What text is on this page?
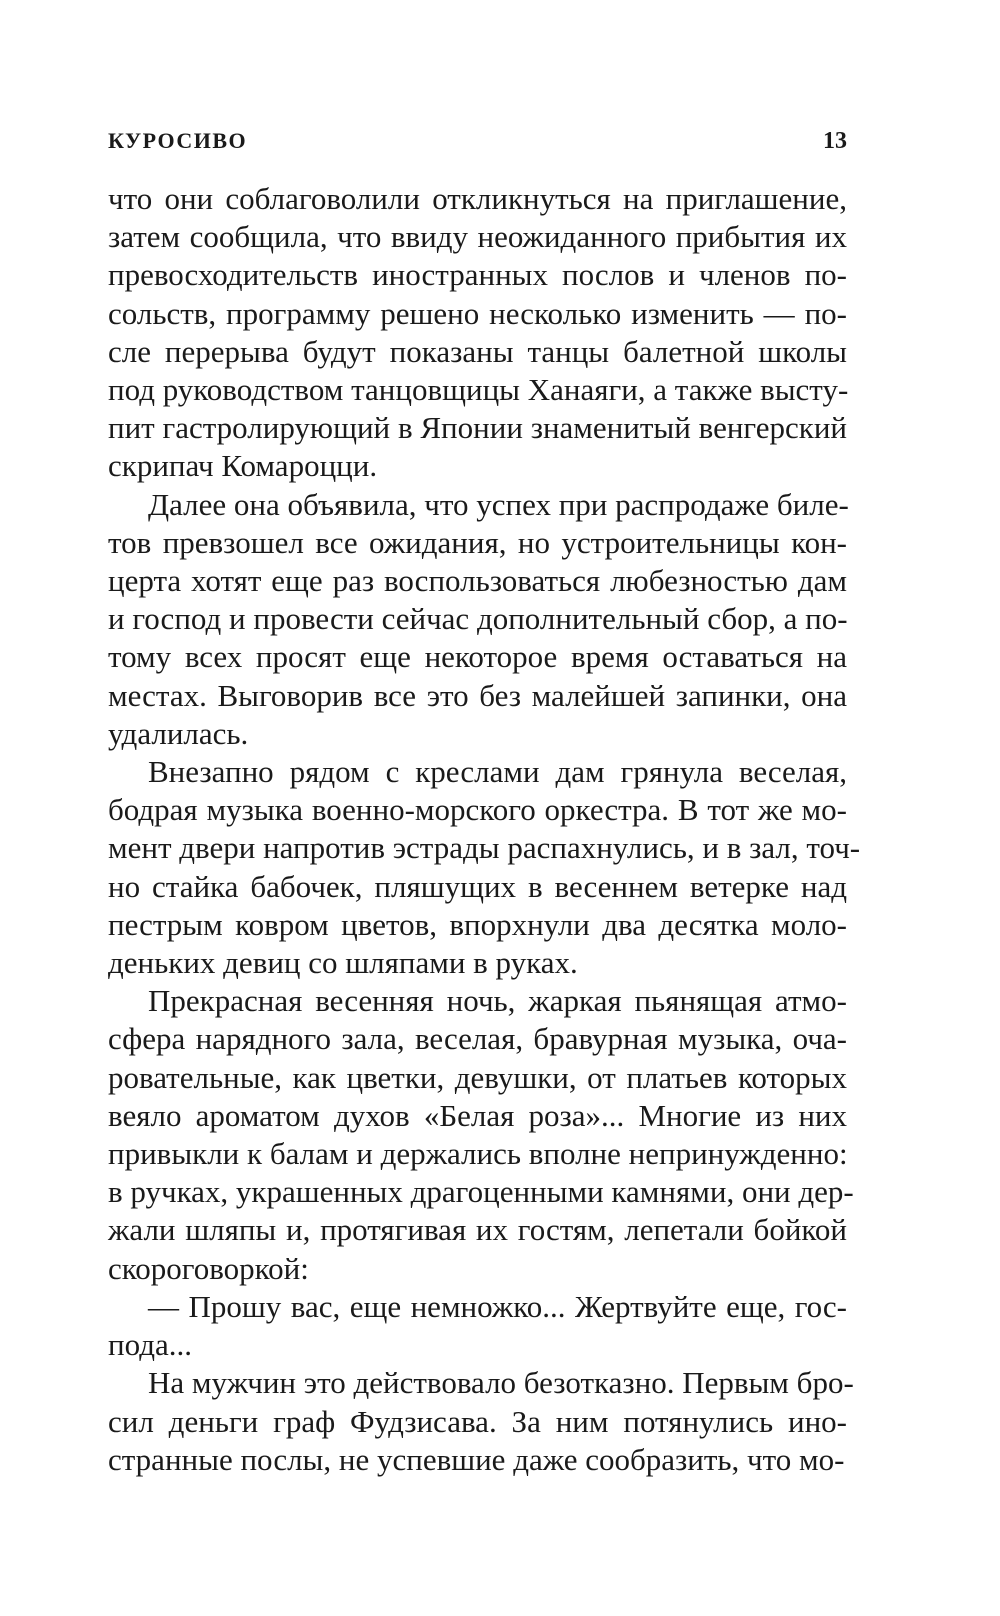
КУРОСИВО	13
что они соблаговолили откликнуться на приглашение,
затем сообщила, что ввиду неожиданного прибытия их
превосходительств иностранных послов и членов по-
сольств, программу решено несколько изменить — по-
сле перерыва будут показаны танцы балетной школы
под руководством танцовщицы Ханаяги, а также высту-
пит гастролирующий в Японии знаменитый венгерский
скрипач Комароцци.
Далее она объявила, что успех при распродаже биле-
тов превзошел все ожидания, но устроительницы кон-
церта хотят еще раз воспользоваться любезностью дам
и господ и провести сейчас дополнительный сбор, а по-
тому всех просят еще некоторое время оставаться на
местах. Выговорив все это без малейшей запинки, она
удалилась.
Внезапно рядом с креслами дам грянула веселая,
бодрая музыка военно-морского оркестра. В тот же мо-
мент двери напротив эстрады распахнулись, и в зал, точ-
но стайка бабочек, пляшущих в весеннем ветерке над
пестрым ковром цветов, впорхнули два десятка моло-
деньких девиц со шляпами в руках.
Прекрасная весенняя ночь, жаркая пьянящая атмо-
сфера нарядного зала, веселая, бравурная музыка, оча-
ровательные, как цветки, девушки, от платьев которых
веяло ароматом духов «Белая роза»... Многие из них
привыкли к балам и держались вполне непринужденно:
в ручках, украшенных драгоценными камнями, они дер-
жали шляпы и, протягивая их гостям, лепетали бойкой
скороговоркой:
— Прошу вас, еще немножко... Жертвуйте еще, гос-
пода...
На мужчин это действовало безотказно. Первым бро-
сил деньги граф Фудзисава. За ним потянулись ино-
странные послы, не успевшие даже сообразить, что мо-
